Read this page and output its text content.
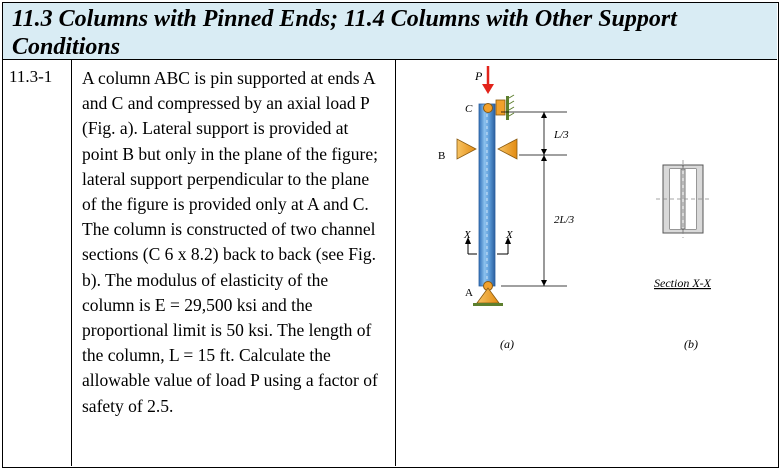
11.3 Columns with Pinned Ends; 11.4 Columns with Other Support Conditions
11.3-1 A column ABC is pin supported at ends A and C and compressed by an axial load P (Fig. a). Lateral support is provided at point B but only in the plane of the figure; lateral support perpendicular to the plane of the figure is provided only at A and C. The column is constructed of two channel sections (C 6 x 8.2) back to back (see Fig. b). The modulus of elasticity of the column is E = 29,500 ksi and the proportional limit is 50 ksi. The length of the column, L = 15 ft. Calculate the allowable value of load P using a factor of safety of 2.5.
P
C
B
X	X
A
L/3
2L/3
(a)
Section X-X
(b)
